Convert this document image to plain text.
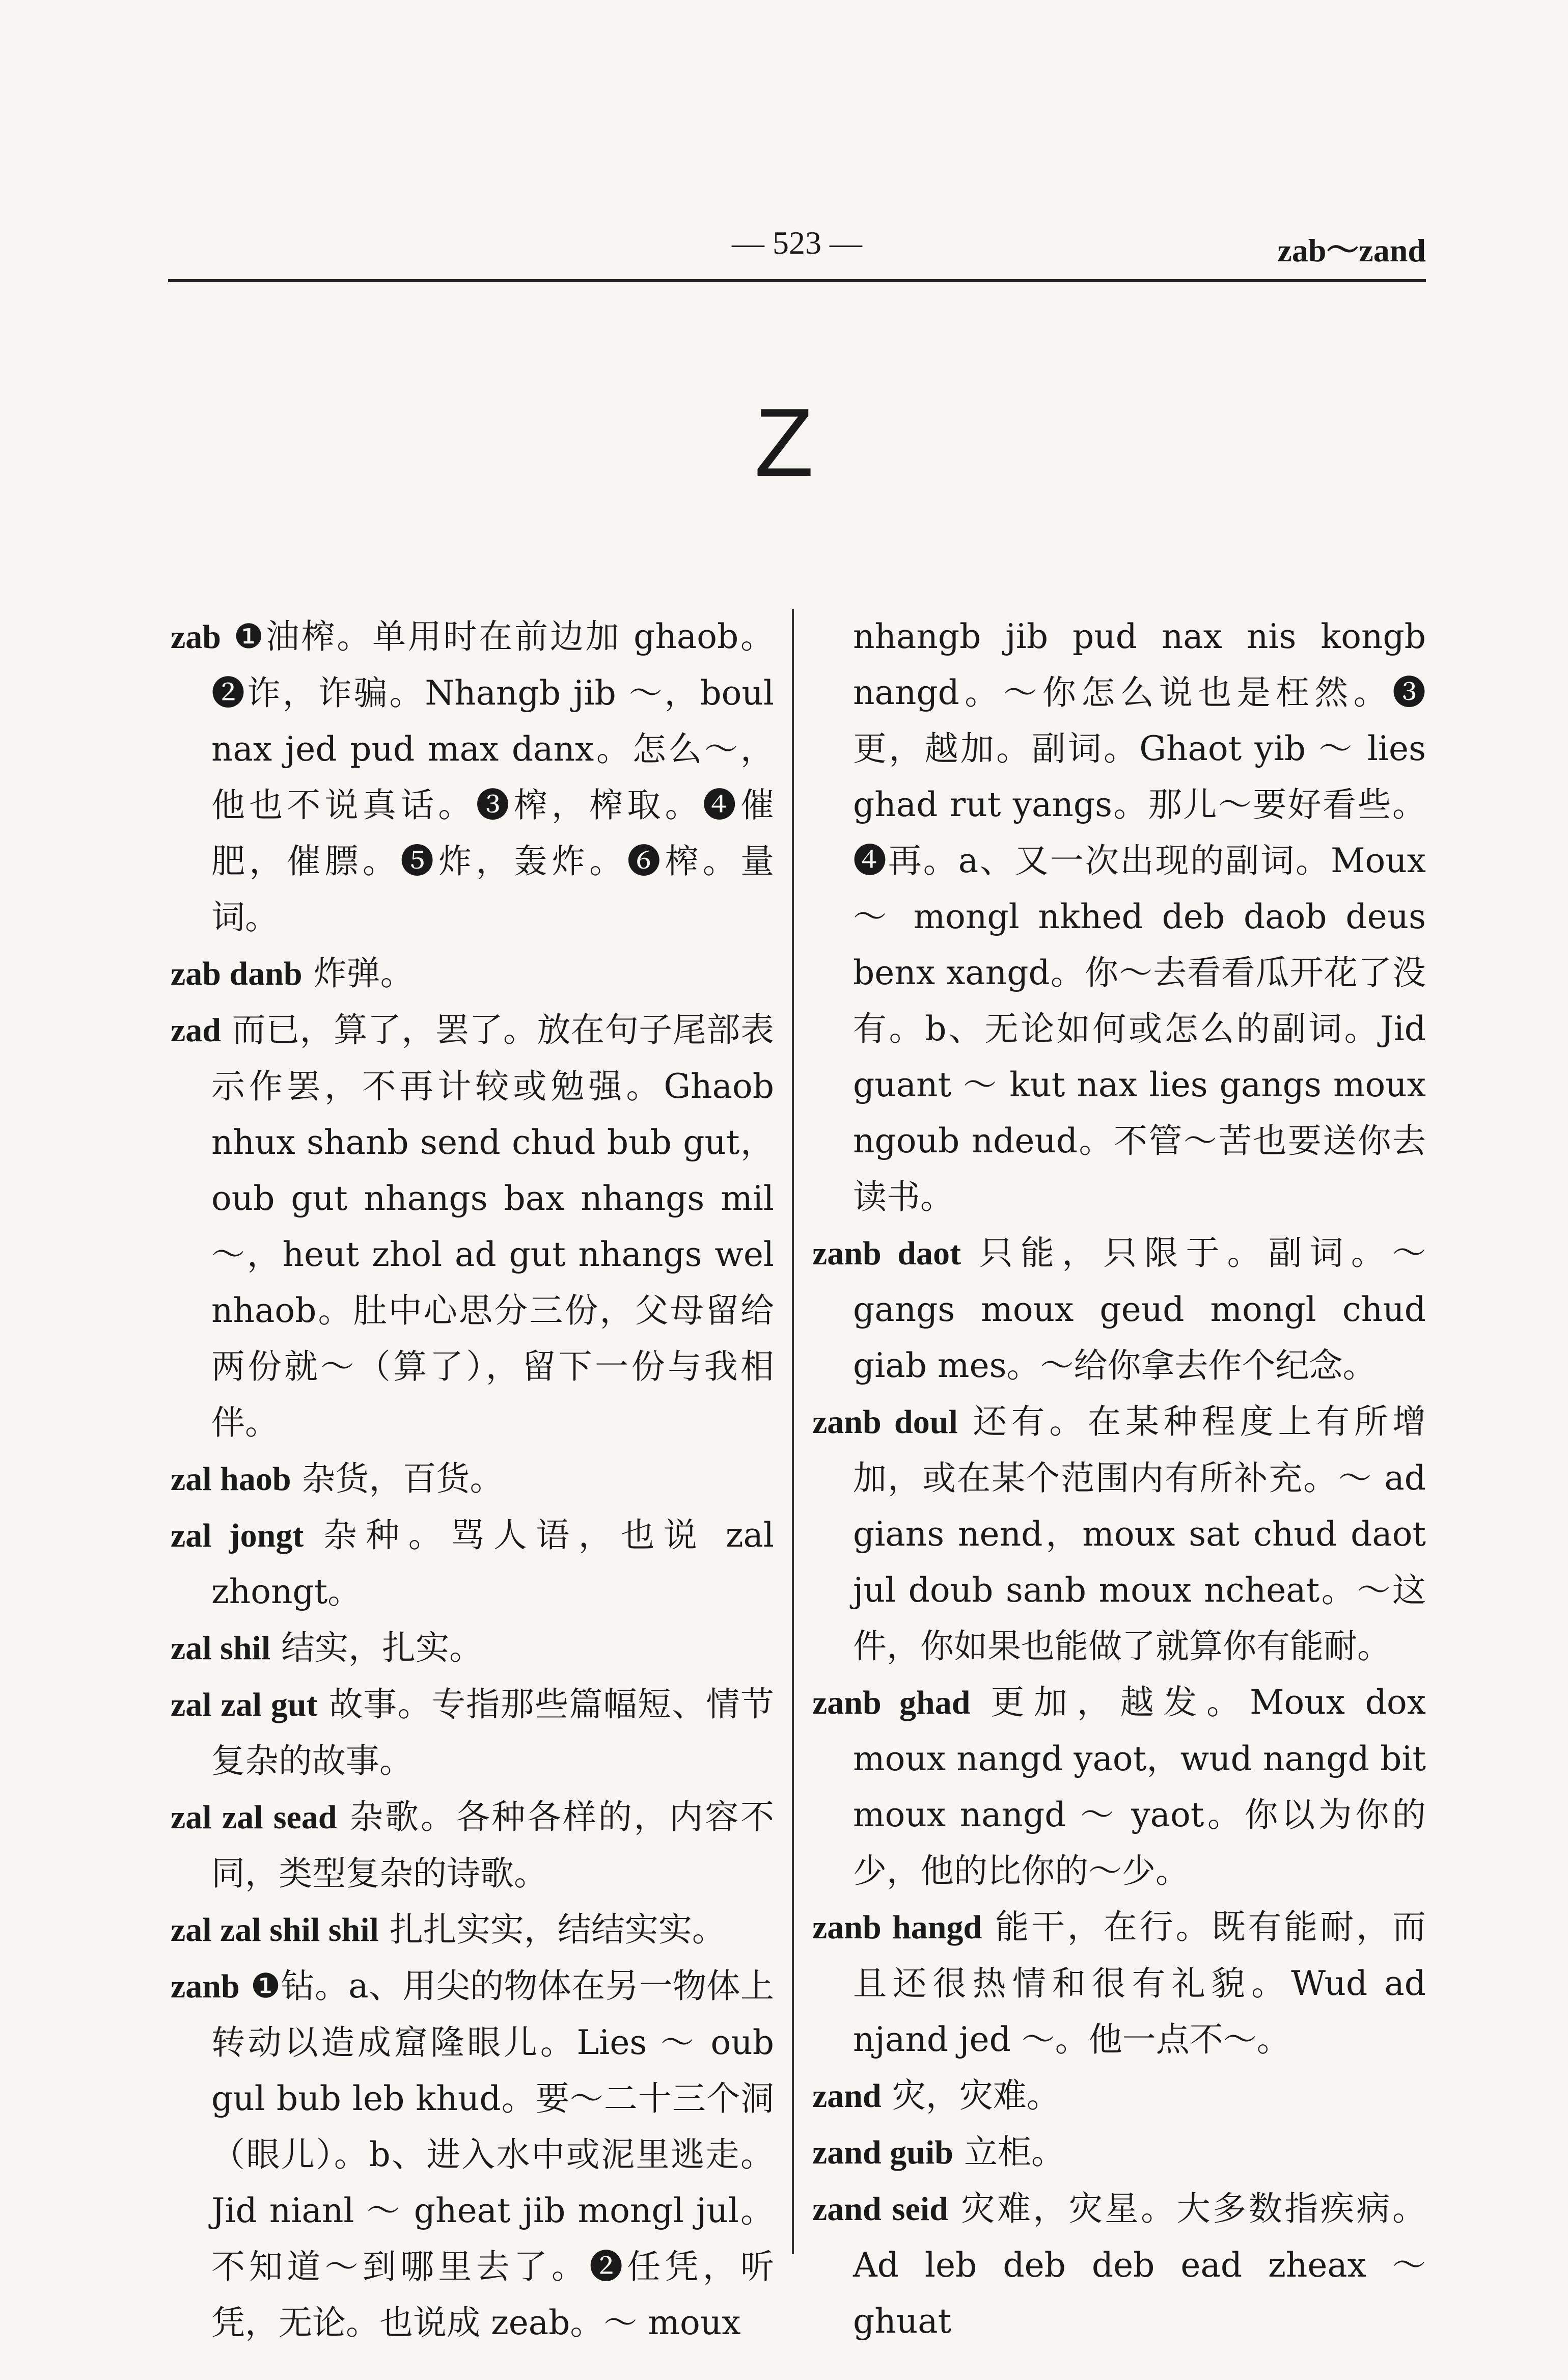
— 523 —	zab～zand
Z
zab ❶油榨。单用时在前边加 ghaob。❷诈，诈骗。Nhangb jib ～，boul nax jed pud max danx。怎么～，他也不说真话。❸榨，榨取。❹催肥，催膘。❺炸，轰炸。❻榨。量词。
zab danb 炸弹。
zad 而已，算了，罢了。放在句子尾部表示作罢，不再计较或勉强。Ghaob nhux shanb send chud bub gut，oub gut nhangs bax nhangs mil ～，heut zhol ad gut nhangs wel nhaob。肚中心思分三份，父母留给两份就～（算了），留下一份与我相伴。
zal haob 杂货，百货。
zal jongt 杂种。骂人语，也说 zal zhongt。
zal shil 结实，扎实。
zal zal gut 故事。专指那些篇幅短、情节复杂的故事。
zal zal sead 杂歌。各种各样的，内容不同，类型复杂的诗歌。
zal zal shil shil 扎扎实实，结结实实。
zanb ❶钻。a、用尖的物体在另一物体上转动以造成窟隆眼儿。Lies ～ oub gul bub leb khud。要～二十三个洞（眼儿）。b、进入水中或泥里逃走。Jid nianl ～ gheat jib mongl jul。不知道～到哪里去了。❷任凭，听凭，无论。也说成 zeab。～ moux
nhangb jib pud nax nis kongb nangd。～你怎么说也是枉然。❸更，越加。副词。Ghaot yib ～ lies ghad rut yangs。那儿～要好看些。❹再。a、又一次出现的副词。Moux ～ mongl nkhed deb daob deus benx xangd。你～去看看瓜开花了没有。b、无论如何或怎么的副词。Jid guant ～ kut nax lies gangs moux ngoub ndeud。不管～苦也要送你去读书。
zanb daot 只能，只限于。副词。～ gangs moux geud mongl chud giab mes。～给你拿去作个纪念。
zanb doul 还有。在某种程度上有所增加，或在某个范围内有所补充。～ ad gians nend，moux sat chud daot jul doub sanb moux ncheat。～这件，你如果也能做了就算你有能耐。
zanb ghad 更加，越发。Moux dox moux nangd yaot，wud nangd bit moux nangd ～ yaot。你以为你的少，他的比你的～少。
zanb hangd 能干，在行。既有能耐，而且还很热情和很有礼貌。Wud ad njand jed ～。他一点不～。
zand 灾，灾难。
zand guib 立柜。
zand seid 灾难，灾星。大多数指疾病。Ad leb deb deb ead zheax ～ ghuat
